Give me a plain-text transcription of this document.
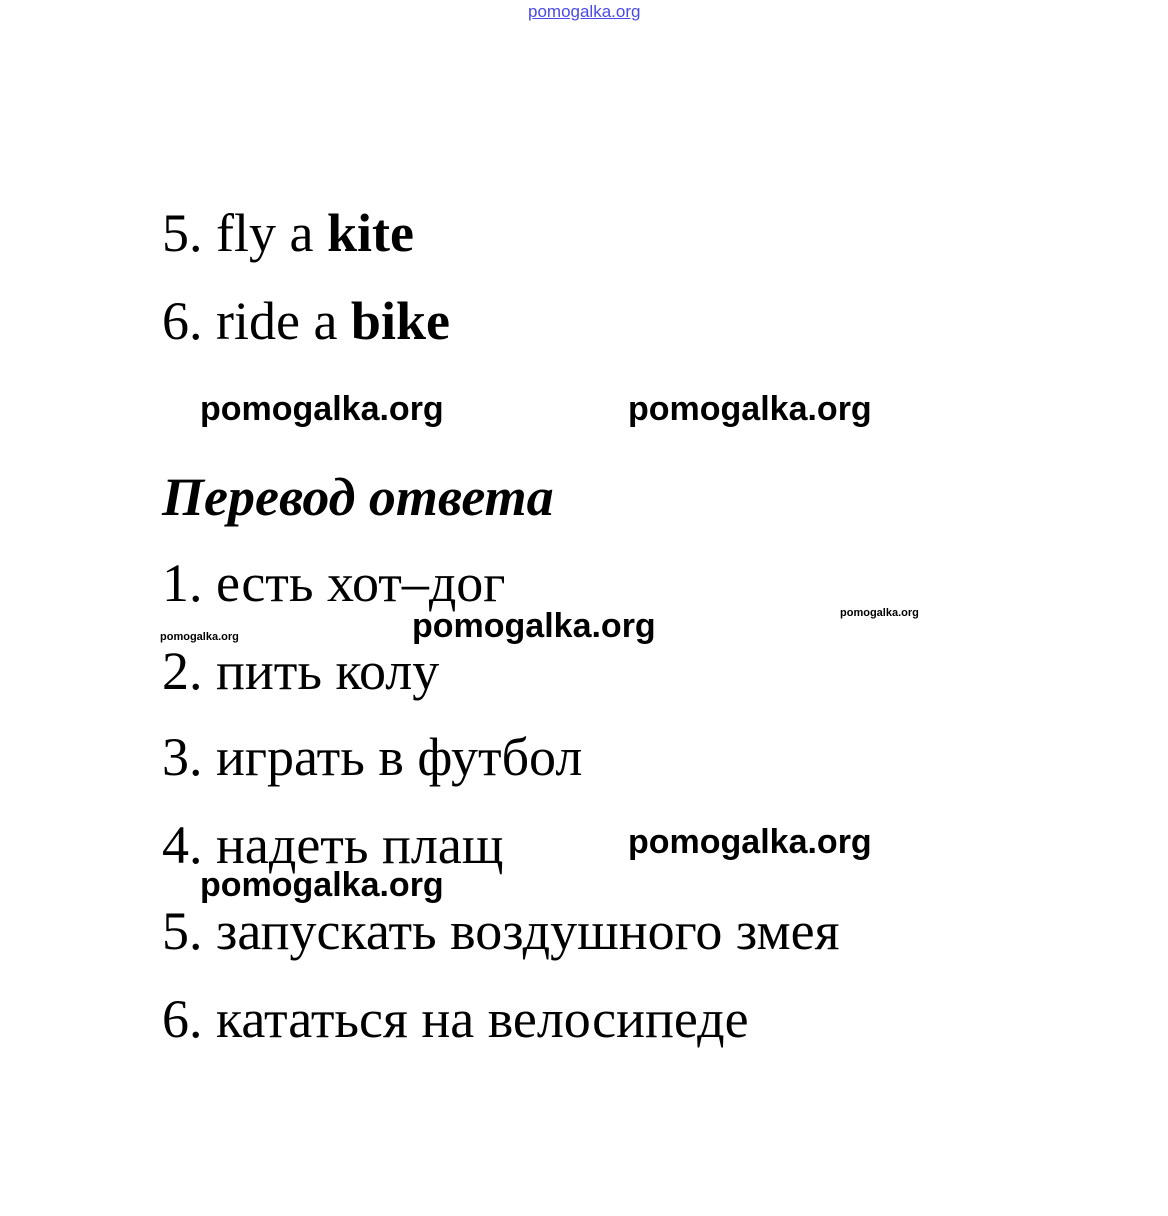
pomogalka.org
5. fly a kite
6. ride a bike
pomogalka.org	pomogalka.org
Перевод ответа
1. есть хот–дог	pomogalka.org
pomogalka.org	pomogalka.org
2. пить колу
3. играть в футбол
4. надеть плащ	pomogalka.org
pomogalka.org
5. запускать воздушного змея
6. кататься на велосипеде
